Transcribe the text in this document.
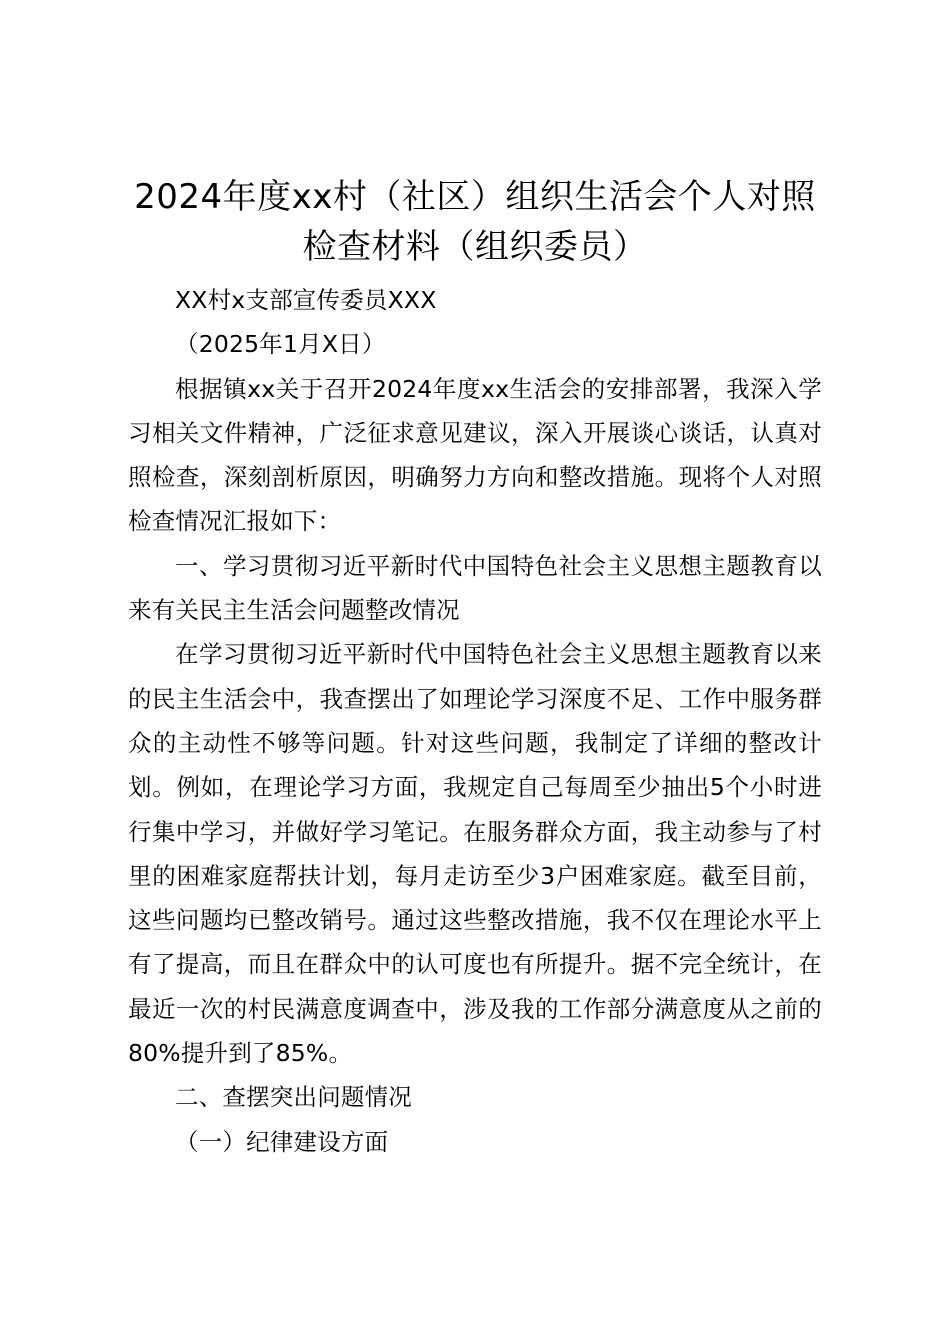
2024年度xx村（社区）组织生活会个人对照检查材料（组织委员）

XX村x支部宣传委员XXX

（2025年1月X日）

根据镇xx关于召开2024年度xx生活会的安排部署，我深入学习相关文件精神，广泛征求意见建议，深入开展谈心谈话，认真对照检查，深刻剖析原因，明确努力方向和整改措施。现将个人对照检查情况汇报如下：

一、学习贯彻习近平新时代中国特色社会主义思想主题教育以来有关民主生活会问题整改情况

在学习贯彻习近平新时代中国特色社会主义思想主题教育以来的民主生活会中，我查摆出了如理论学习深度不足、工作中服务群众的主动性不够等问题。针对这些问题，我制定了详细的整改计划。例如，在理论学习方面，我规定自己每周至少抽出5个小时进行集中学习，并做好学习笔记。在服务群众方面，我主动参与了村里的困难家庭帮扶计划，每月走访至少3户困难家庭。截至目前，这些问题均已整改销号。通过这些整改措施，我不仅在理论水平上有了提高，而且在群众中的认可度也有所提升。据不完全统计，在最近一次的村民满意度调查中，涉及我的工作部分满意度从之前的80%提升到了85%。

二、查摆突出问题情况

（一）纪律建设方面
